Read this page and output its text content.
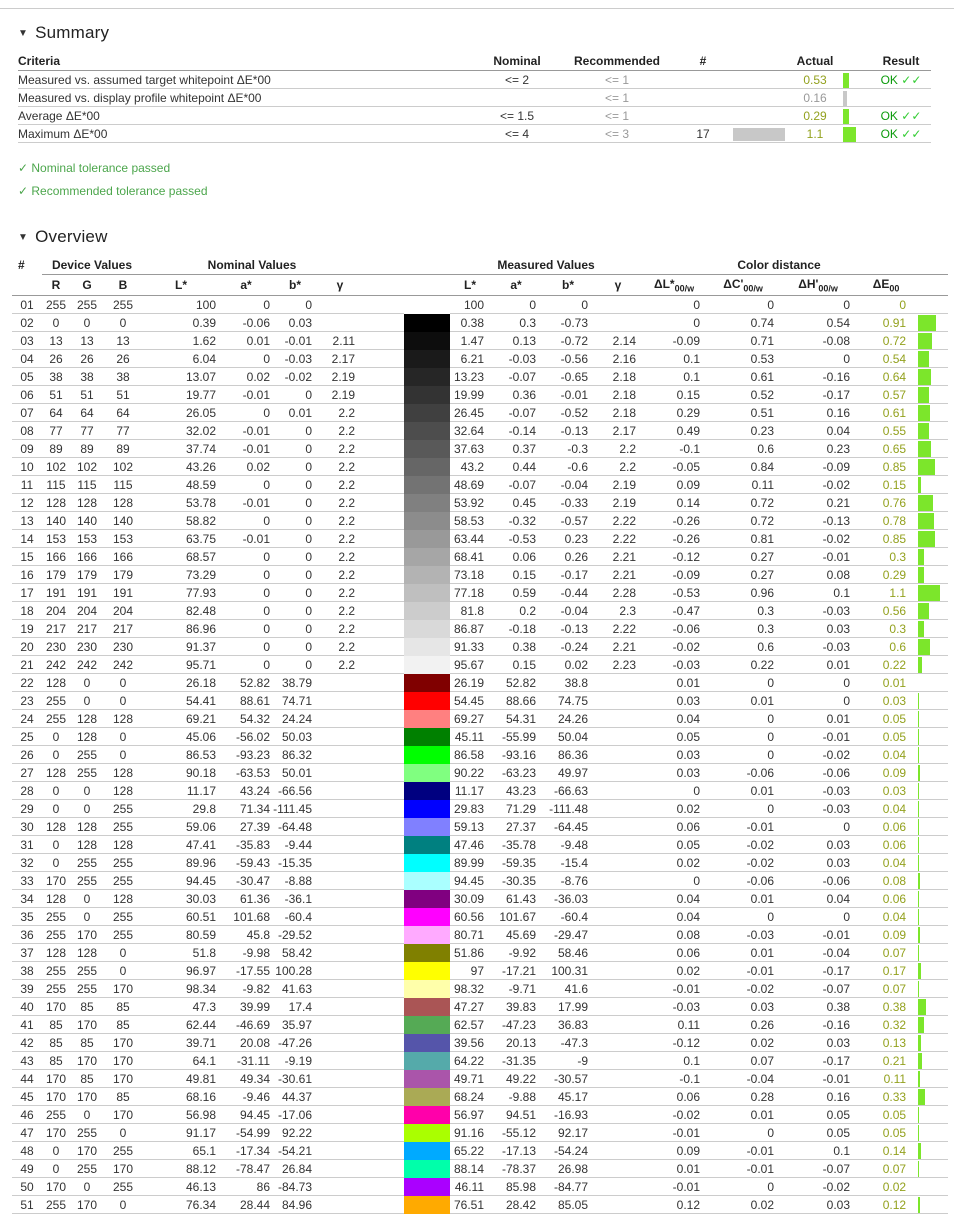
▼ Summary
Criteria	Nominal	Recommended	#		Actual		Result
Measured vs. assumed target whitepoint ΔE*00	<= 2	<= 1			0.53		OK ✓✓
Measured vs. display profile whitepoint ΔE*00		<= 1			0.16	

Average ΔE*00	<= 1.5	<= 1			0.29		OK ✓✓
Maximum ΔE*00	<= 4	<= 3	17		1.1		OK ✓✓
✓ Nominal tolerance passed
✓ Recommended tolerance passed
▼ Overview
#	Device Values			Nominal Values						Measured Values				Color distance				
	R	G	B	L*	a*	b*	γ			L*	a*	b*	γ	$\Delta L*_{00/w}$	$\Delta C'_{00/w}$	$\Delta H'_{00/w}$	$\Delta E_{00}$	
01	255	255	255	100	0	0				100	0	0		0	0	0	0	
02	0	0	0	0.39	-0.06	0.03				0.38	0.3	-0.73		0	0.74	0.54	0.91	

03	13	13	13	1.62	0.01	-0.01	2.11			1.47	0.13	-0.72	2.14	-0.09	0.71	-0.08	0.72	

04	26	26	26	6.04	0	-0.03	2.17			6.21	-0.03	-0.56	2.16	0.1	0.53	0	0.54	

05	38	38	38	13.07	0.02	-0.02	2.19			13.23	-0.07	-0.65	2.18	0.1	0.61	-0.16	0.64	

06	51	51	51	19.77	-0.01	0	2.19			19.99	0.36	-0.01	2.18	0.15	0.52	-0.17	0.57	

07	64	64	64	26.05	0	0.01	2.2			26.45	-0.07	-0.52	2.18	0.29	0.51	0.16	0.61	

08	77	77	77	32.02	-0.01	0	2.2			32.64	-0.14	-0.13	2.17	0.49	0.23	0.04	0.55	

09	89	89	89	37.74	-0.01	0	2.2			37.63	0.37	-0.3	2.2	-0.1	0.6	0.23	0.65	

10	102	102	102	43.26	0.02	0	2.2			43.2	0.44	-0.6	2.2	-0.05	0.84	-0.09	0.85	

11	115	115	115	48.59	0	0	2.2			48.69	-0.07	-0.04	2.19	0.09	0.11	-0.02	0.15	

12	128	128	128	53.78	-0.01	0	2.2			53.92	0.45	-0.33	2.19	0.14	0.72	0.21	0.76	

13	140	140	140	58.82	0	0	2.2			58.53	-0.32	-0.57	2.22	-0.26	0.72	-0.13	0.78	

14	153	153	153	63.75	-0.01	0	2.2			63.44	-0.53	0.23	2.22	-0.26	0.81	-0.02	0.85	

15	166	166	166	68.57	0	0	2.2			68.41	0.06	0.26	2.21	-0.12	0.27	-0.01	0.3	

16	179	179	179	73.29	0	0	2.2			73.18	0.15	-0.17	2.21	-0.09	0.27	0.08	0.29	

17	191	191	191	77.93	0	0	2.2			77.18	0.59	-0.44	2.28	-0.53	0.96	0.1	1.1	

18	204	204	204	82.48	0	0	2.2			81.8	0.2	-0.04	2.3	-0.47	0.3	-0.03	0.56	

19	217	217	217	86.96	0	0	2.2			86.87	-0.18	-0.13	2.22	-0.06	0.3	0.03	0.3	

20	230	230	230	91.37	0	0	2.2			91.33	0.38	-0.24	2.21	-0.02	0.6	-0.03	0.6	

21	242	242	242	95.71	0	0	2.2			95.67	0.15	0.02	2.23	-0.03	0.22	0.01	0.22	

22	128	0	0	26.18	52.82	38.79				26.19	52.82	38.8		0.01	0	0	0.01	
23	255	0	0	54.41	88.61	74.71				54.45	88.66	74.75		0.03	0.01	0	0.03	

24	255	128	128	69.21	54.32	24.24				69.27	54.31	24.26		0.04	0	0.01	0.05	

25	0	128	0	45.06	-56.02	50.03				45.11	-55.99	50.04		0.05	0	-0.01	0.05	

26	0	255	0	86.53	-93.23	86.32				86.58	-93.16	86.36		0.03	0	-0.02	0.04	

27	128	255	128	90.18	-63.53	50.01				90.22	-63.23	49.97		0.03	-0.06	-0.06	0.09	

28	0	0	128	11.17	43.24	-66.56				11.17	43.23	-66.63		0	0.01	-0.03	0.03	

29	0	0	255	29.8	71.34	-111.45				29.83	71.29	-111.48		0.02	0	-0.03	0.04	

30	128	128	255	59.06	27.39	-64.48				59.13	27.37	-64.45		0.06	-0.01	0	0.06	

31	0	128	128	47.41	-35.83	-9.44				47.46	-35.78	-9.48		0.05	-0.02	0.03	0.06	

32	0	255	255	89.96	-59.43	-15.35				89.99	-59.35	-15.4		0.02	-0.02	0.03	0.04	

33	170	255	255	94.45	-30.47	-8.88				94.45	-30.35	-8.76		0	-0.06	-0.06	0.08	

34	128	0	128	30.03	61.36	-36.1				30.09	61.43	-36.03		0.04	0.01	0.04	0.06	

35	255	0	255	60.51	101.68	-60.4				60.56	101.67	-60.4		0.04	0	0	0.04	

36	255	170	255	80.59	45.8	-29.52				80.71	45.69	-29.47		0.08	-0.03	-0.01	0.09	

37	128	128	0	51.8	-9.98	58.42				51.86	-9.92	58.46		0.06	0.01	-0.04	0.07	

38	255	255	0	96.97	-17.55	100.28				97	-17.21	100.31		0.02	-0.01	-0.17	0.17	

39	255	255	170	98.34	-9.82	41.63				98.32	-9.71	41.6		-0.01	-0.02	-0.07	0.07	

40	170	85	85	47.3	39.99	17.4				47.27	39.83	17.99		-0.03	0.03	0.38	0.38	

41	85	170	85	62.44	-46.69	35.97				62.57	-47.23	36.83		0.11	0.26	-0.16	0.32	

42	85	85	170	39.71	20.08	-47.26				39.56	20.13	-47.3		-0.12	0.02	0.03	0.13	

43	85	170	170	64.1	-31.11	-9.19				64.22	-31.35	-9		0.1	0.07	-0.17	0.21	

44	170	85	170	49.81	49.34	-30.61				49.71	49.22	-30.57		-0.1	-0.04	-0.01	0.11	

45	170	170	85	68.16	-9.46	44.37				68.24	-9.88	45.17		0.06	0.28	0.16	0.33	

46	255	0	170	56.98	94.45	-17.06				56.97	94.51	-16.93		-0.02	0.01	0.05	0.05	

47	170	255	0	91.17	-54.99	92.22				91.16	-55.12	92.17		-0.01	0	0.05	0.05	

48	0	170	255	65.1	-17.34	-54.21				65.22	-17.13	-54.24		0.09	-0.01	0.1	0.14	

49	0	255	170	88.12	-78.47	26.84				88.14	-78.37	26.98		0.01	-0.01	-0.07	0.07	

50	170	0	255	46.13	86	-84.73				46.11	85.98	-84.77		-0.01	0	-0.02	0.02	
51	255	170	0	76.34	28.44	84.96				76.51	28.42	85.05		0.12	0.02	0.03	0.12	
